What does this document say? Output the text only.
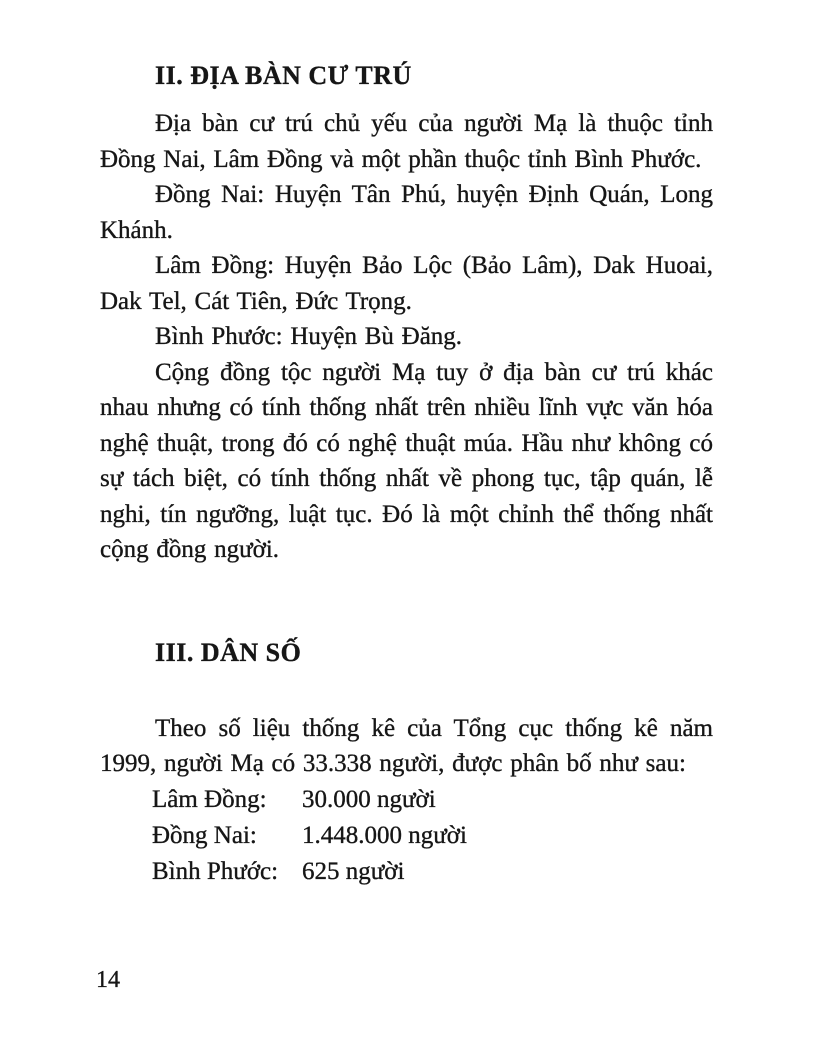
II. ĐỊA BÀN CƯ TRÚ

Địa bàn cư trú chủ yếu của người Mạ là thuộc tỉnh Đồng Nai, Lâm Đồng và một phần thuộc tỉnh Bình Phước.

Đồng Nai: Huyện Tân Phú, huyện Định Quán, Long Khánh.

Lâm Đồng: Huyện Bảo Lộc (Bảo Lâm), Dak Huoai, Dak Tel, Cát Tiên, Đức Trọng.

Bình Phước: Huyện Bù Đăng.

Cộng đồng tộc người Mạ tuy ở địa bàn cư trú khác nhau nhưng có tính thống nhất trên nhiều lĩnh vực văn hóa nghệ thuật, trong đó có nghệ thuật múa. Hầu như không có sự tách biệt, có tính thống nhất về phong tục, tập quán, lễ nghi, tín ngưỡng, luật tục. Đó là một chỉnh thể thống nhất cộng đồng người.

III. DÂN SỐ

Theo số liệu thống kê của Tổng cục thống kê năm 1999, người Mạ có 33.338 người, được phân bố như sau:

Lâm Đồng:	30.000 người
Đồng Nai:	1.448.000 người
Bình Phước: 625 người
14
